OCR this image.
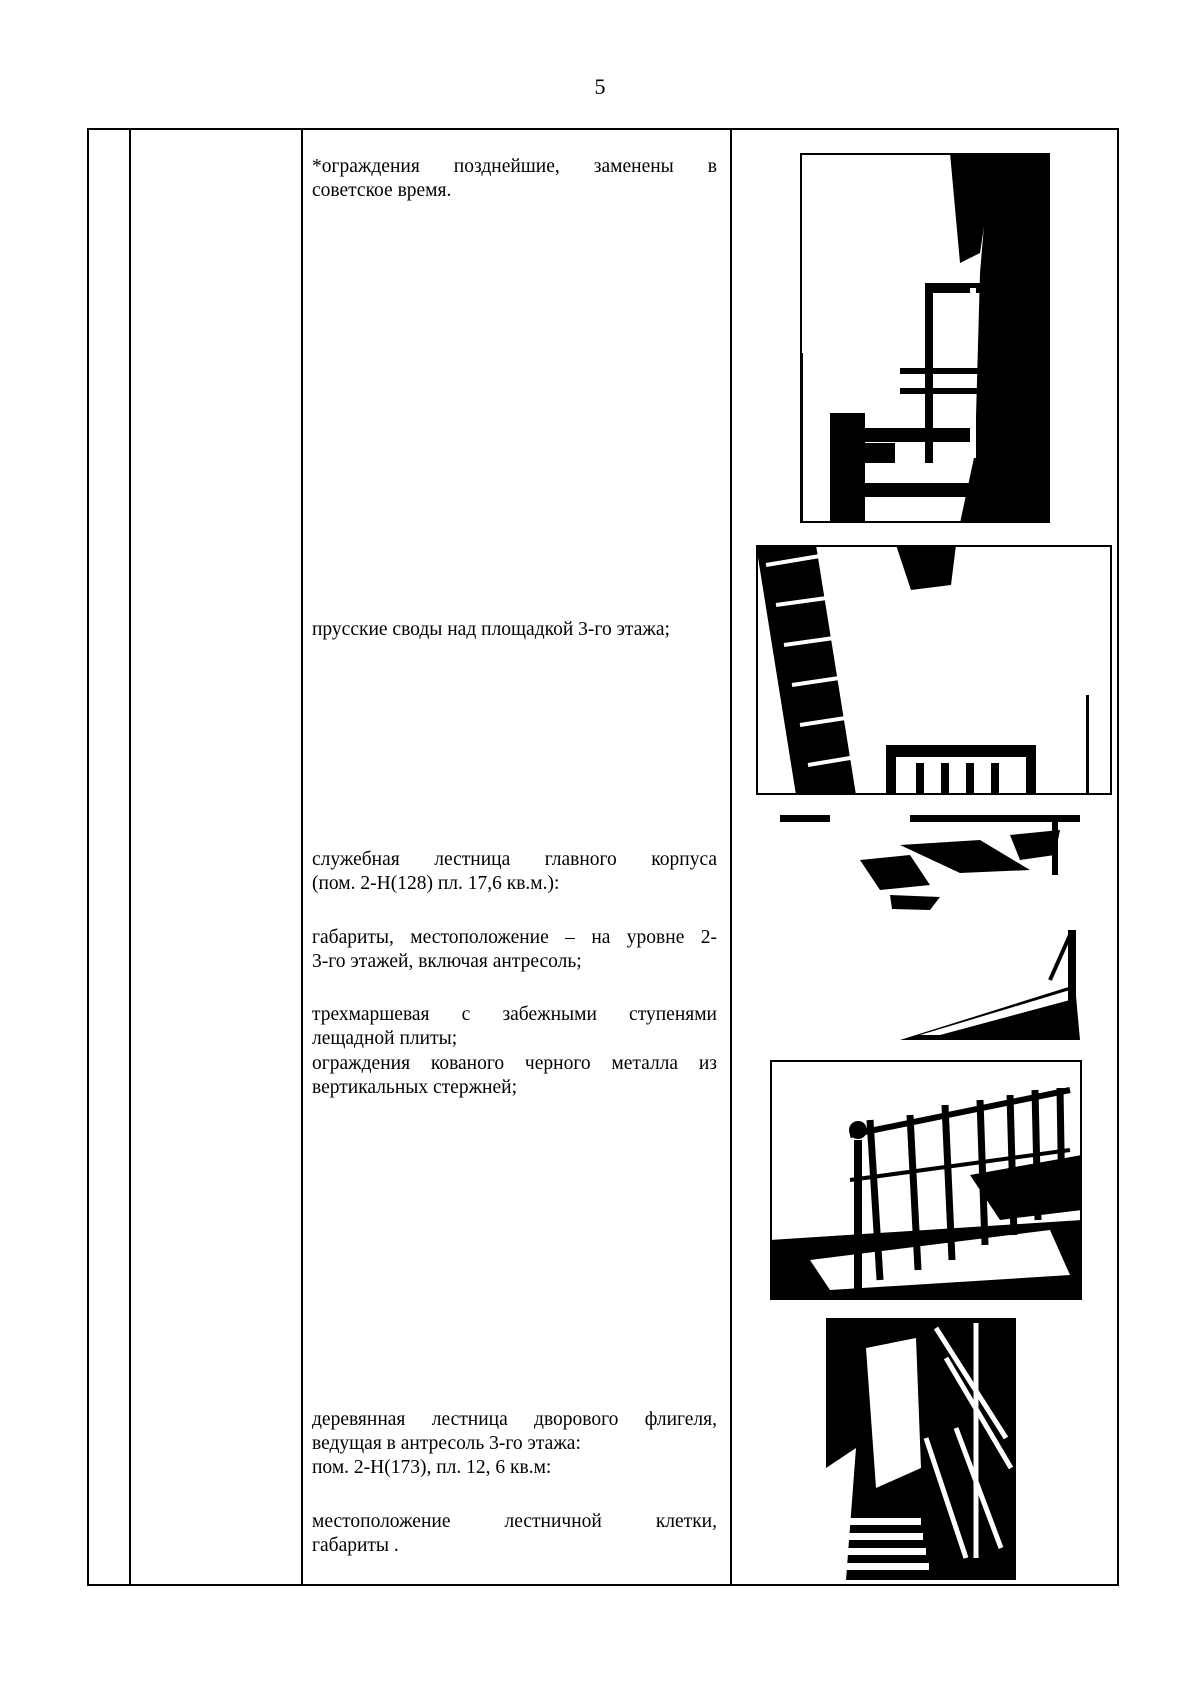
5
*ограждения позднейшие, заменены в
советское время.
прусские своды над площадкой 3-го этажа;
служебная лестница главного корпуса
(пом. 2-Н(128) пл. 17,6 кв.м.):
габариты, местоположение – на уровне 2-
3-го этажей, включая антресоль;
трехмаршевая с забежными ступенями
лещадной плиты;
ограждения кованого черного металла из
вертикальных стержней;
деревянная лестница дворового флигеля,
ведущая в антресоль 3-го этажа:
пом. 2-Н(173), пл. 12, 6 кв.м:
местоположение лестничной клетки,
габариты .
